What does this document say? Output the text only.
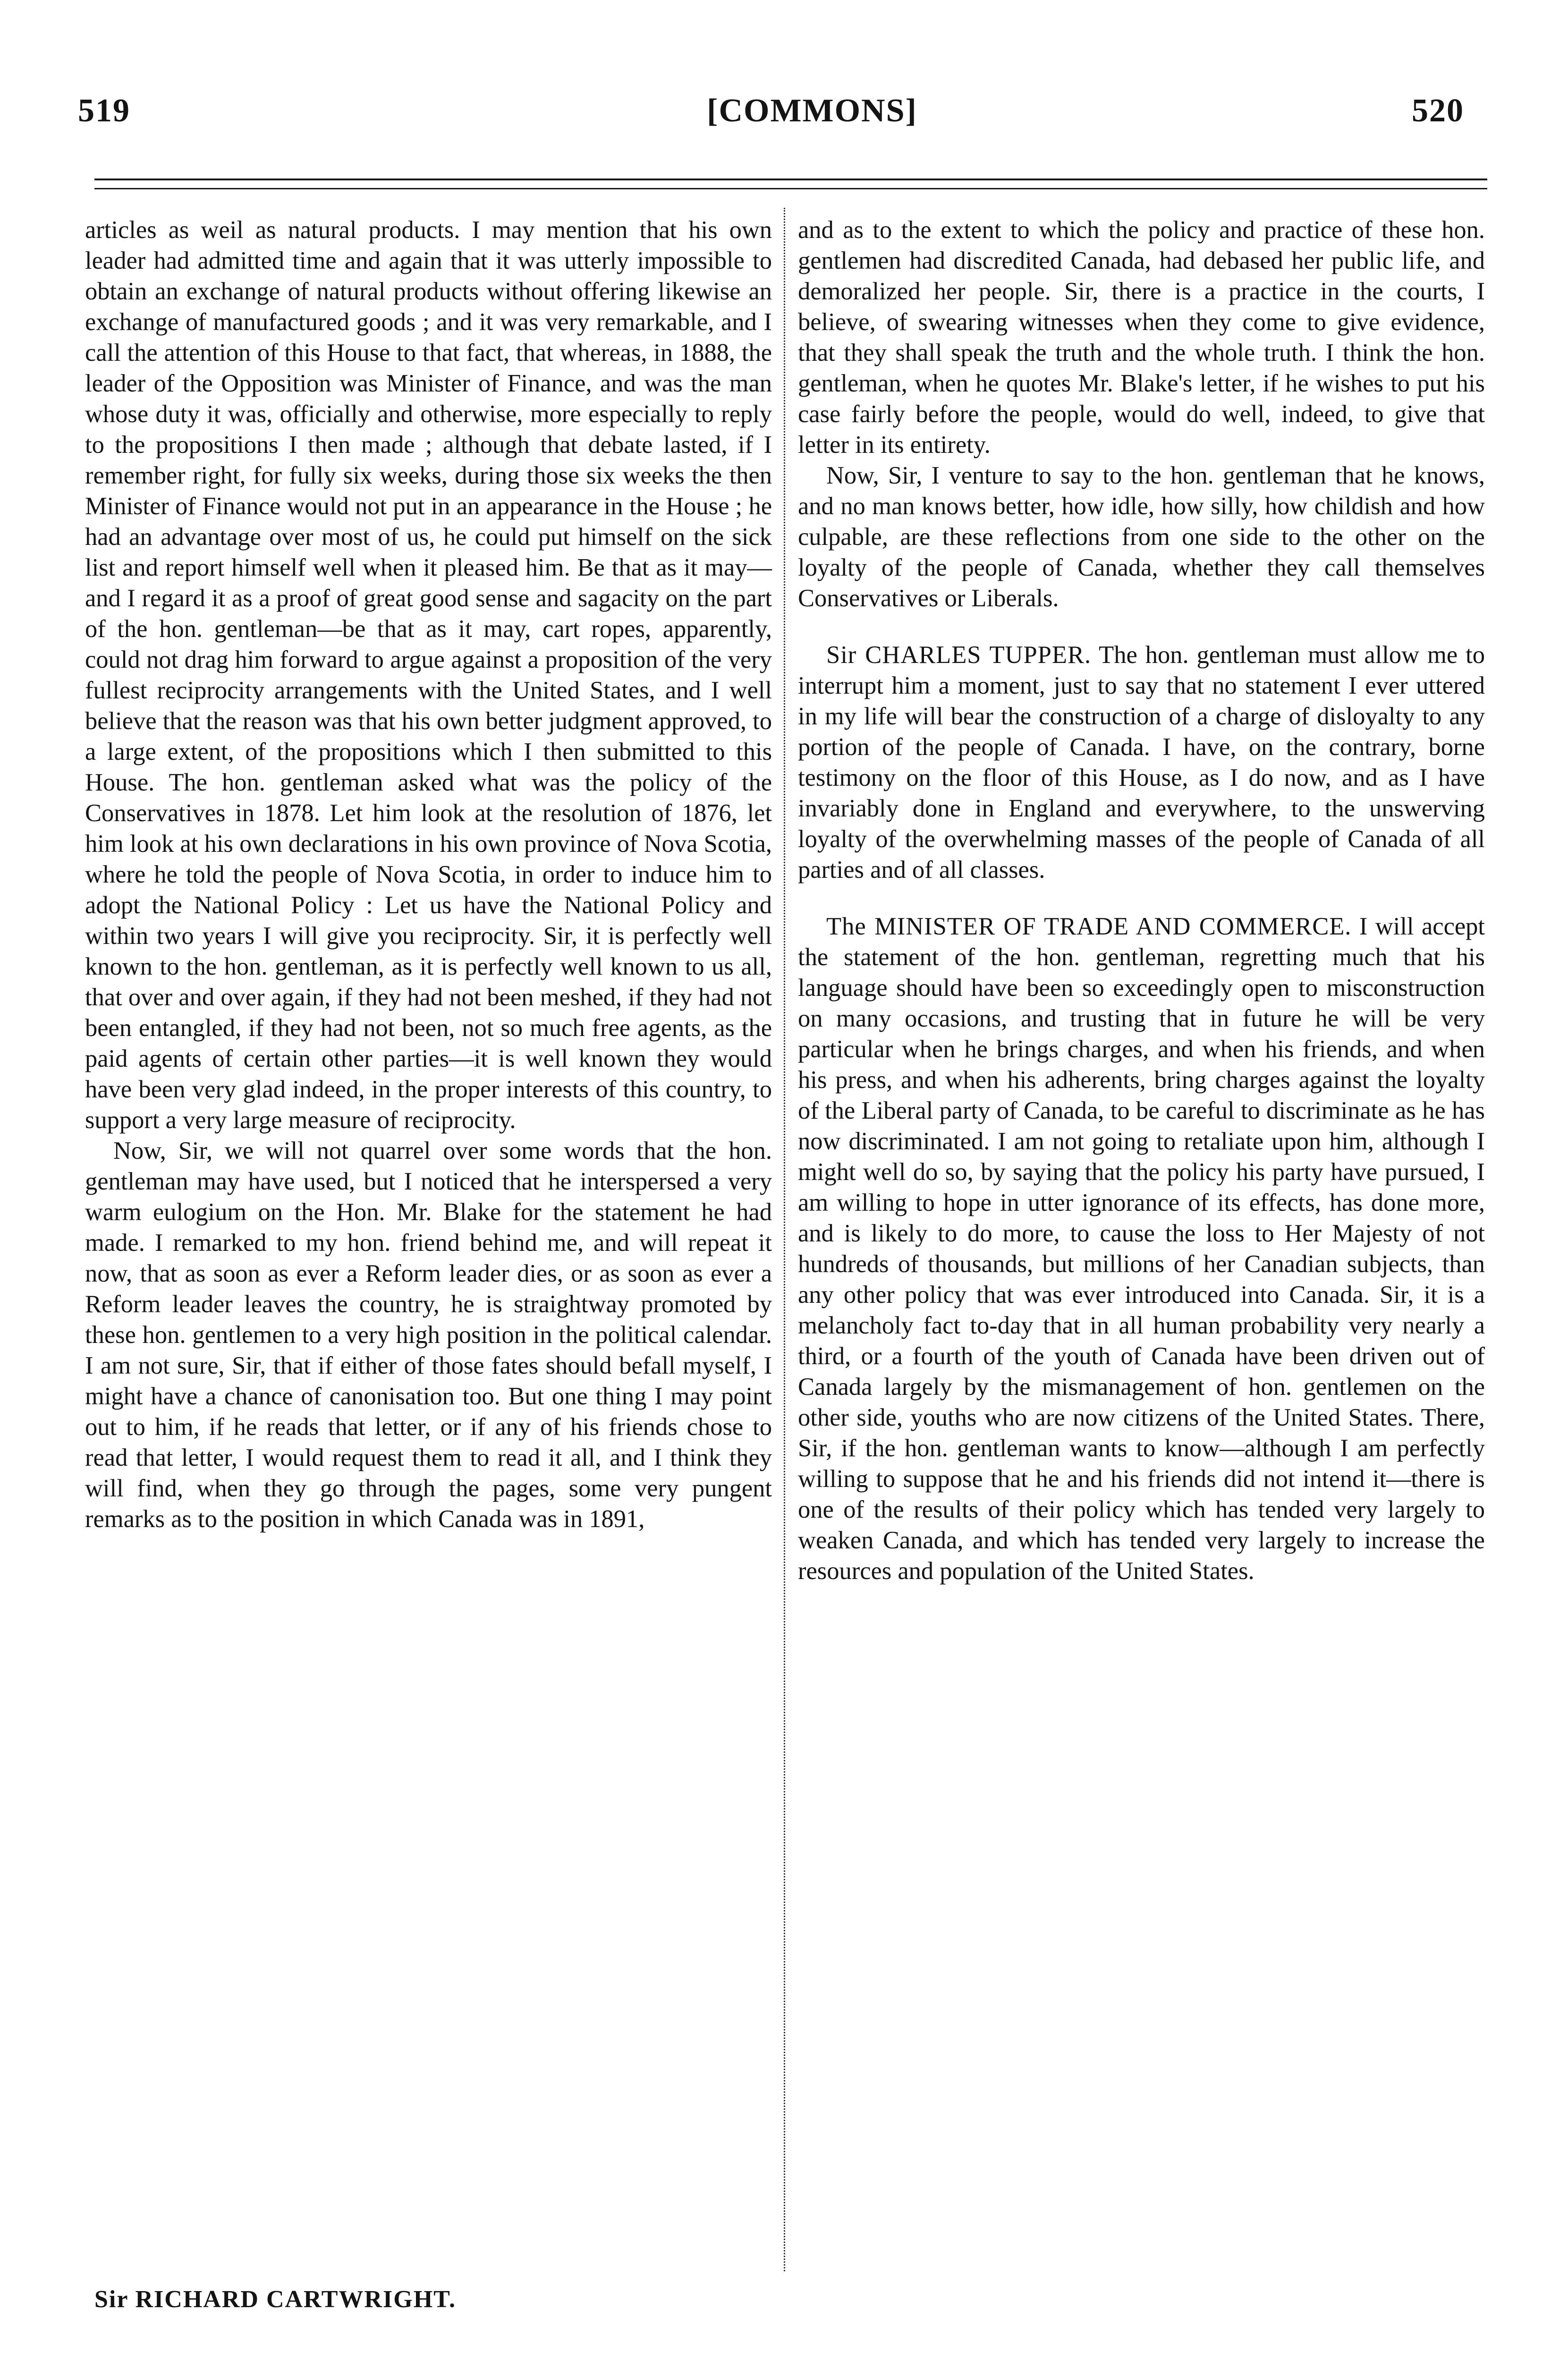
519	[COMMONS]	520

articles as weil as natural products. I may mention that his own leader had admitted time and again that it was utterly impossible to obtain an exchange of natural products without offering likewise an exchange of manufactured goods ; and it was very remarkable, and I call the attention of this House to that fact, that whereas, in 1888, the leader of the Opposition was Minister of Finance, and was the man whose duty it was, officially and otherwise, more especially to reply to the propositions I then made ; although that debate lasted, if I remember right, for fully six weeks, during those six weeks the then Minister of Finance would not put in an appearance in the House ; he had an advantage over most of us, he could put himself on the sick list and report himself well when it pleased him. Be that as it may—and I regard it as a proof of great good sense and sagacity on the part of the hon. gentleman—be that as it may, cart ropes, apparently, could not drag him forward to argue against a proposition of the very fullest reciprocity arrangements with the United States, and I well believe that the reason was that his own better judgment approved, to a large extent, of the propositions which I then submitted to this House. The hon. gentleman asked what was the policy of the Conservatives in 1878. Let him look at the resolution of 1876, let him look at his own declarations in his own province of Nova Scotia, where he told the people of Nova Scotia, in order to induce him to adopt the National Policy : Let us have the National Policy and within two years I will give you reciprocity. Sir, it is perfectly well known to the hon. gentleman, as it is perfectly well known to us all, that over and over again, if they had not been meshed, if they had not been entangled, if they had not been, not so much free agents, as the paid agents of certain other parties—it is well known they would have been very glad indeed, in the proper interests of this country, to support a very large measure of reciprocity.

Now, Sir, we will not quarrel over some words that the hon. gentleman may have used, but I noticed that he interspersed a very warm eulogium on the Hon. Mr. Blake for the statement he had made. I remarked to my hon. friend behind me, and will repeat it now, that as soon as ever a Reform leader dies, or as soon as ever a Reform leader leaves the country, he is straightway promoted by these hon. gentlemen to a very high position in the political calendar. I am not sure, Sir, that if either of those fates should befall myself, I might have a chance of canonisation too. But one thing I may point out to him, if he reads that letter, or if any of his friends chose to read that letter, I would request them to read it all, and I think they will find, when they go through the pages, some very pungent remarks as to the position in which Canada was in 1891,

and as to the extent to which the policy and practice of these hon. gentlemen had discredited Canada, had debased her public life, and demoralized her people. Sir, there is a practice in the courts, I believe, of swearing witnesses when they come to give evidence, that they shall speak the truth and the whole truth. I think the hon. gentleman, when he quotes Mr. Blake's letter, if he wishes to put his case fairly before the people, would do well, indeed, to give that letter in its entirety.

Now, Sir, I venture to say to the hon. gentleman that he knows, and no man knows better, how idle, how silly, how childish and how culpable, are these reflections from one side to the other on the loyalty of the people of Canada, whether they call themselves Conservatives or Liberals.

Sir CHARLES TUPPER. The hon. gentleman must allow me to interrupt him a moment, just to say that no statement I ever uttered in my life will bear the construction of a charge of disloyalty to any portion of the people of Canada. I have, on the contrary, borne testimony on the floor of this House, as I do now, and as I have invariably done in England and everywhere, to the unswerving loyalty of the overwhelming masses of the people of Canada of all parties and of all classes.

The MINISTER OF TRADE AND COMMERCE. I will accept the statement of the hon. gentleman, regretting much that his language should have been so exceedingly open to misconstruction on many occasions, and trusting that in future he will be very particular when he brings charges, and when his friends, and when his press, and when his adherents, bring charges against the loyalty of the Liberal party of Canada, to be careful to discriminate as he has now discriminated. I am not going to retaliate upon him, although I might well do so, by saying that the policy his party have pursued, I am willing to hope in utter ignorance of its effects, has done more, and is likely to do more, to cause the loss to Her Majesty of not hundreds of thousands, but millions of her Canadian subjects, than any other policy that was ever introduced into Canada. Sir, it is a melancholy fact to-day that in all human probability very nearly a third, or a fourth of the youth of Canada have been driven out of Canada largely by the mismanagement of hon. gentlemen on the other side, youths who are now citizens of the United States. There, Sir, if the hon. gentleman wants to know—although I am perfectly willing to suppose that he and his friends did not intend it—there is one of the results of their policy which has tended very largely to weaken Canada, and which has tended very largely to increase the resources and population of the United States.

Sir RICHARD CARTWRIGHT.
